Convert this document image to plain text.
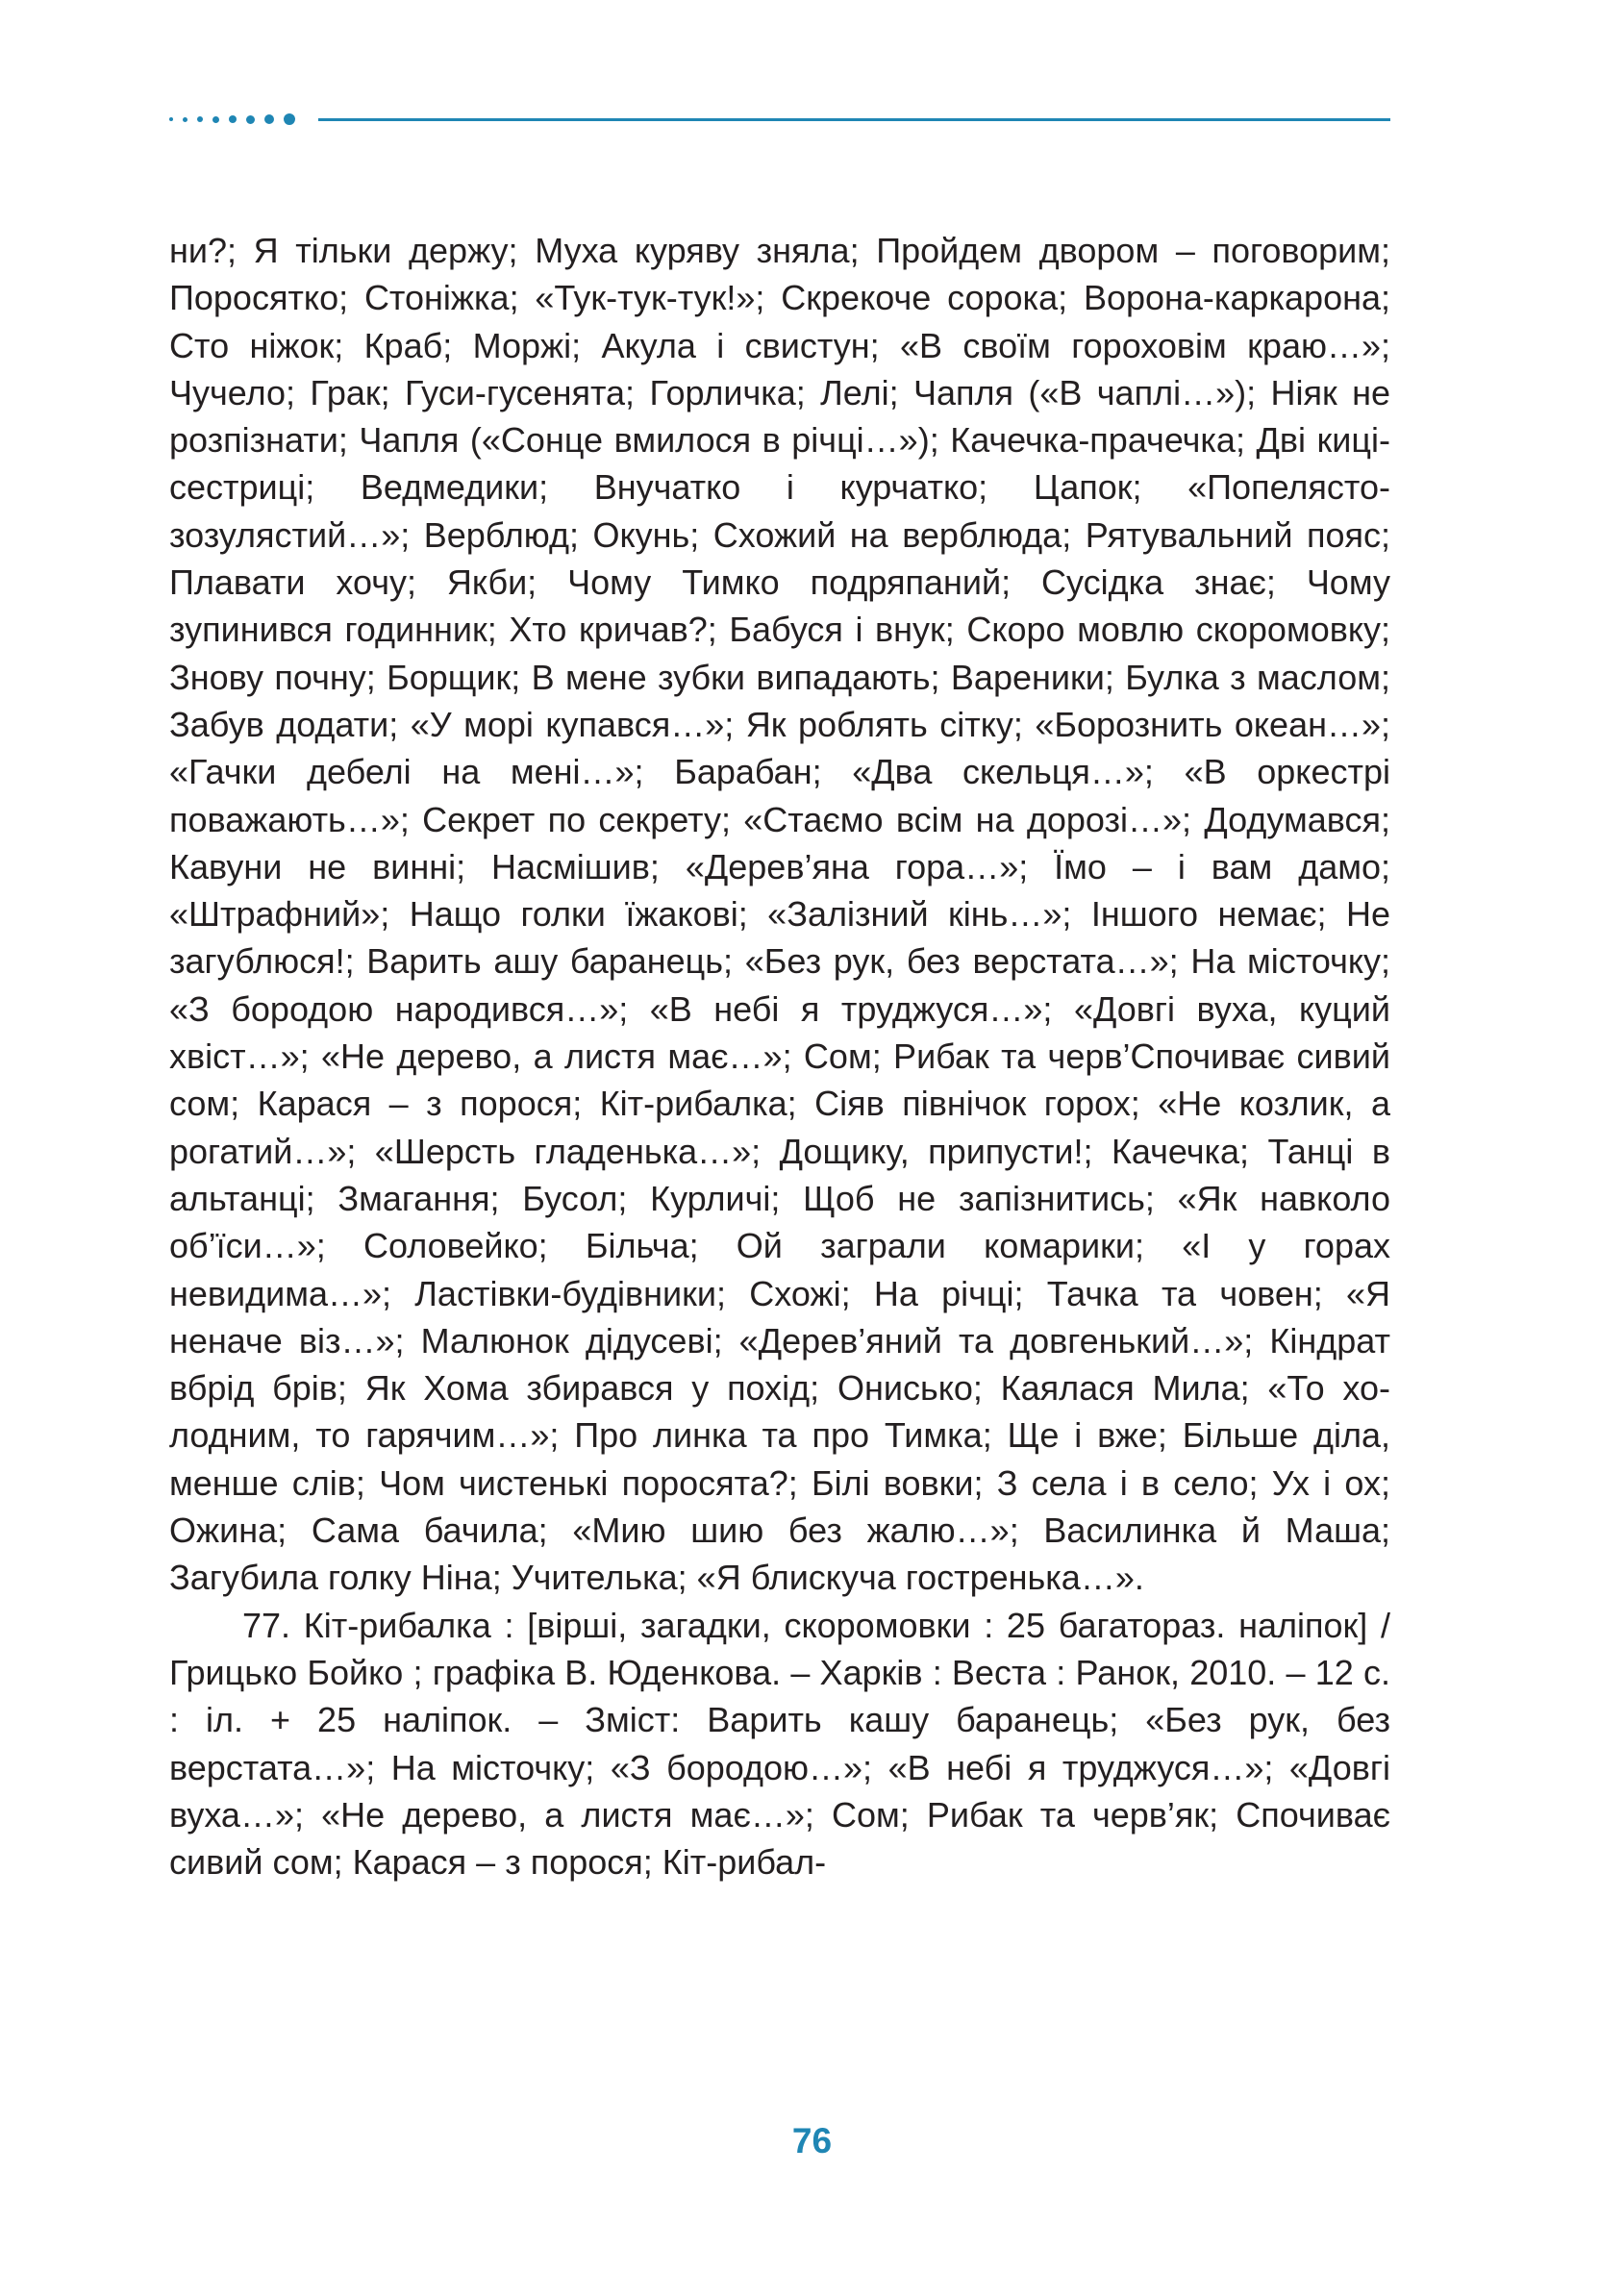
ни?; Я тільки держу; Муха куряву зняла; Пройдем двором – поговорим; Поросятко; Стоніжка; «Тук-тук-тук!»; Скрекоче сорока; Ворона-каркарона; Сто ніжок; Краб; Моржі; Акула і свистун; «В своїм гороховім краю…»; Чучело; Грак; Гуси-гусенята; Горличка; Лелі; Чапля («В чаплі…»); Ніяк не розпізнати; Чапля («Сонце вмилося в річці…»); Качечка-прачечка; Дві киці-сестриці; Ведмедики; Внучатко і курчатко; Цапок; «Попелясто-зозулястий…»; Верблюд; Окунь; Схожий на верблюда; Рятувальний пояс; Плавати хочу; Якби; Чому Тимко подряпаний; Сусідка знає; Чому зупинився годинник; Хто кричав?; Бабуся і внук; Скоро мовлю скоромовку; Знову почну; Борщик; В мене зубки випадають; Вареники; Булка з маслом; Забув додати; «У морі купався…»; Як роблять сітку; «Борознить океан…»; «Гачки дебелі на мені…»; Барабан; «Два скельця…»; «В оркестрі поважають…»; Секрет по секрету; «Стаємо всім на дорозі…»; Додумався; Кавуни не винні; Насмішив; «Дерев’яна гора…»; Їмо – і вам дамо; «Штрафний»; Нащо голки їжакові; «Залізний кінь…»; Іншого немає; Не загублюся!; Варить ашу баранець; «Без рук, без верстата…»; На місточку; «З бородою народився…»; «В небі я труджуся…»; «Довгі вуха, куций хвіст…»; «Не дерево, а листя має…»; Сом; Рибак та черв’Спочиває сивий сом; Карася – з порося; Кіт-рибалка; Сіяв північок горох; «Не козлик, а рогатий…»; «Шерсть гладенька…»; Дощику, припусти!; Качечка; Танці в альтанці; Змагання; Бусол; Курличі; Щоб не запізнитись; «Як навколо об’їси…»; Соловейко; Більча; Ой заграли комарики; «І у горах невидима…»; Ластівки-будівники; Схожі; На річці; Тачка та човен; «Я неначе віз…»; Малюнок дідусеві; «Дерев’яний та довгенький…»; Кіндрат вбрід брів; Як Хома збирався у похід; Онисько; Каялася Мила; «То холодним, то гарячим…»; Про линка та про Тимка; Ще і вже; Більше діла, менше слів; Чом чистенькі поросята?; Білі вовки; З села і в село; Ух і ох; Ожина; Сама бачила; «Мию шию без жалю…»; Василинка й Маша; Загубила голку Ніна; Учителька; «Я блискуча гостренька…».

77. Кіт-рибалка : [вірші, загадки, скоромовки : 25 багатораз. наліпок] / Грицько Бойко ; графіка В. Юденкова. – Харків : Веста : Ранок, 2010. – 12 с. : іл. + 25 наліпок. – Зміст: Варить кашу баранець; «Без рук, без верстата…»; На місточку; «З бородою…»; «В небі я труджуся…»; «Довгі вуха…»; «Не дерево, а листя має…»; Сом; Рибак та черв’як; Спочиває сивий сом; Карася – з порося; Кіт-рибал-

76
